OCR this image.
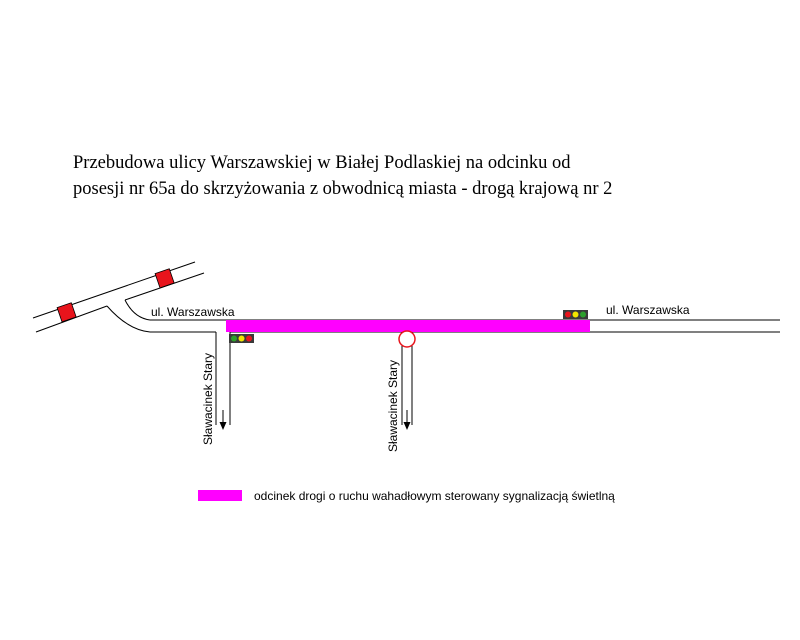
Przebudowa ulicy Warszawskiej w Białej Podlaskiej na odcinku od
posesji nr 65a do skrzyżowania z obwodnicą miasta - drogą krajową nr 2
ul. Warszawska	ul. Warszawska
Sławacinek Stary	Sławacinek Stary
odcinek drogi o ruchu wahadłowym sterowany sygnalizacją świetlną
